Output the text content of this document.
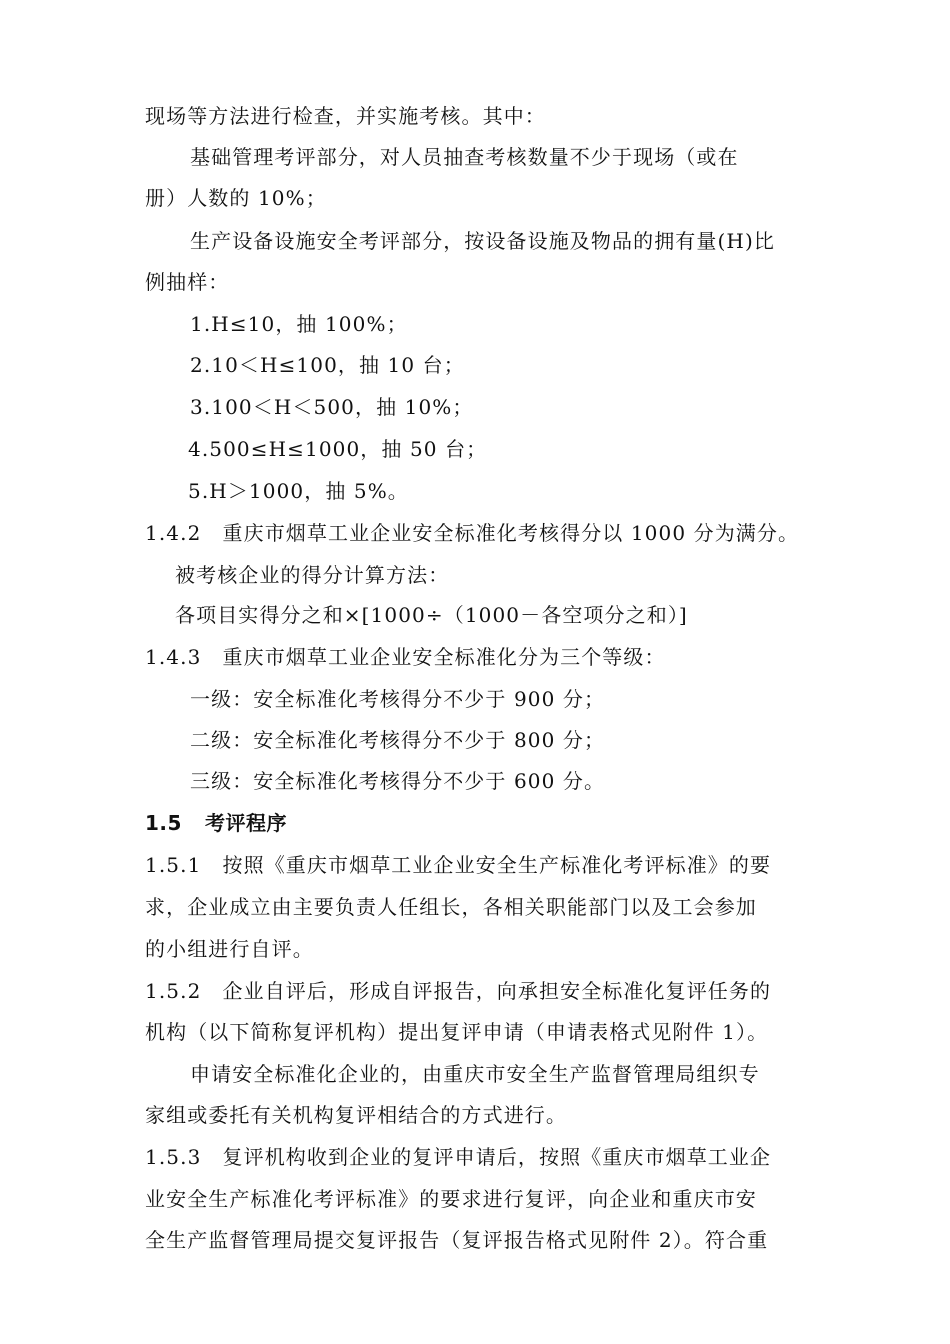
现场等方法进行检查，并实施考核。其中：
基础管理考评部分，对人员抽查考核数量不少于现场（或在
册）人数的 10%；
生产设备设施安全考评部分，按设备设施及物品的拥有量(H)比
例抽样：
1.H≤10，抽 100%；
2.10＜H≤100，抽 10 台；
3.100＜H＜500，抽 10%；
4.500≤H≤1000，抽 50 台；
5.H＞1000，抽 5%。
1.4.2　重庆市烟草工业企业安全标准化考核得分以 1000 分为满分。
被考核企业的得分计算方法：
各项目实得分之和×[1000÷（1000－各空项分之和）]
1.4.3　重庆市烟草工业企业安全标准化分为三个等级：
一级：安全标准化考核得分不少于 900 分；
二级：安全标准化考核得分不少于 800 分；
三级：安全标准化考核得分不少于 600 分。
1.5 考评程序
1.5.1　按照《重庆市烟草工业企业安全生产标准化考评标准》的要
求，企业成立由主要负责人任组长，各相关职能部门以及工会参加
的小组进行自评。
1.5.2　企业自评后，形成自评报告，向承担安全标准化复评任务的
机构（以下简称复评机构）提出复评申请（申请表格式见附件 1）。
申请安全标准化企业的，由重庆市安全生产监督管理局组织专
家组或委托有关机构复评相结合的方式进行。
1.5.3　复评机构收到企业的复评申请后，按照《重庆市烟草工业企
业安全生产标准化考评标准》的要求进行复评，向企业和重庆市安
全生产监督管理局提交复评报告（复评报告格式见附件 2）。符合重
